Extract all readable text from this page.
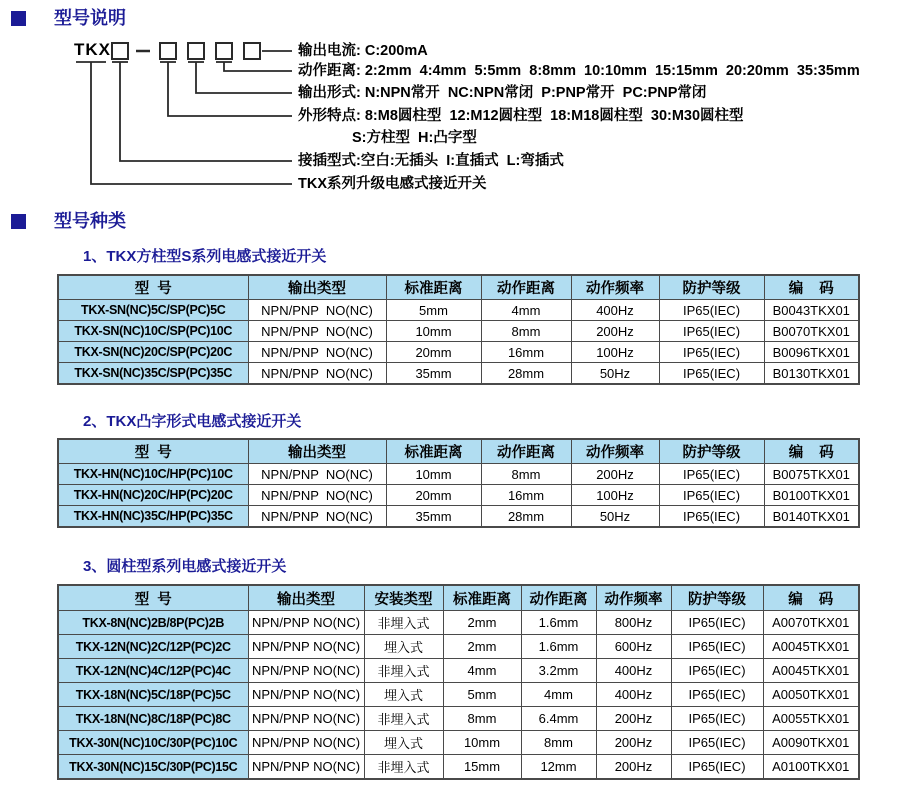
型号说明
TKX	输出电流: C:200mA
动作距离: 2:2mm  4:4mm  5:5mm  8:8mm  10:10mm  15:15mm  20:20mm  35:35mm
输出形式: N:NPN常开  NC:NPN常闭  P:PNP常开  PC:PNP常闭
外形特点: 8:M8圆柱型  12:M12圆柱型  18:M18圆柱型  30:M30圆柱型
S:方柱型  H:凸字型
接插型式:空白:无插头  I:直插式  L:弯插式
TKX系列升级电感式接近开关
型号种类
1、TKX方柱型S系列电感式接近开关
型  号	输出类型	标准距离	动作距离	动作频率	防护等级	编    码
TKX-SN(NC)5C/SP(PC)5C	NPN/PNP  NO(NC)	5mm	4mm	400Hz	IP65(IEC)	B0043TKX01
TKX-SN(NC)10C/SP(PC)10C	NPN/PNP  NO(NC)	10mm	8mm	200Hz	IP65(IEC)	B0070TKX01
TKX-SN(NC)20C/SP(PC)20C	NPN/PNP  NO(NC)	20mm	16mm	100Hz	IP65(IEC)	B0096TKX01
TKX-SN(NC)35C/SP(PC)35C	NPN/PNP  NO(NC)	35mm	28mm	50Hz	IP65(IEC)	B0130TKX01
2、TKX凸字形式电感式接近开关
型  号	输出类型	标准距离	动作距离	动作频率	防护等级	编    码
TKX-HN(NC)10C/HP(PC)10C	NPN/PNP  NO(NC)	10mm	8mm	200Hz	IP65(IEC)	B0075TKX01
TKX-HN(NC)20C/HP(PC)20C	NPN/PNP  NO(NC)	20mm	16mm	100Hz	IP65(IEC)	B0100TKX01
TKX-HN(NC)35C/HP(PC)35C	NPN/PNP  NO(NC)	35mm	28mm	50Hz	IP65(IEC)	B0140TKX01
3、圆柱型系列电感式接近开关
型  号	输出类型	安装类型	标准距离	动作距离	动作频率	防护等级	编    码
TKX-8N(NC)2B/8P(PC)2B	NPN/PNP NO(NC)	非埋入式	2mm	1.6mm	800Hz	IP65(IEC)	A0070TKX01
TKX-12N(NC)2C/12P(PC)2C	NPN/PNP NO(NC)	埋入式	2mm	1.6mm	600Hz	IP65(IEC)	A0045TKX01
TKX-12N(NC)4C/12P(PC)4C	NPN/PNP NO(NC)	非埋入式	4mm	3.2mm	400Hz	IP65(IEC)	A0045TKX01
TKX-18N(NC)5C/18P(PC)5C	NPN/PNP NO(NC)	埋入式	5mm	4mm	400Hz	IP65(IEC)	A0050TKX01
TKX-18N(NC)8C/18P(PC)8C	NPN/PNP NO(NC)	非埋入式	8mm	6.4mm	200Hz	IP65(IEC)	A0055TKX01
TKX-30N(NC)10C/30P(PC)10C	NPN/PNP NO(NC)	埋入式	10mm	8mm	200Hz	IP65(IEC)	A0090TKX01
TKX-30N(NC)15C/30P(PC)15C	NPN/PNP NO(NC)	非埋入式	15mm	12mm	200Hz	IP65(IEC)	A0100TKX01
